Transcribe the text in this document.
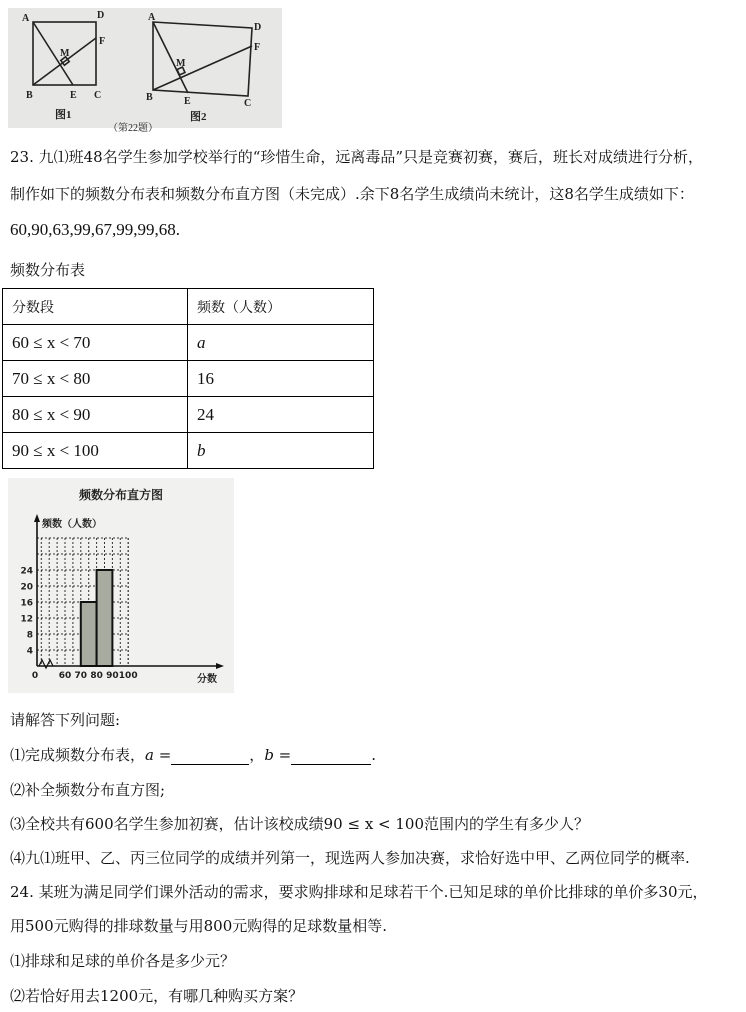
A	D
F
M
B	E C
图1
A
D
F
M
B	E	C
图2
（第22题）
23. 九⑴班48名学生参加学校举行的“珍惜生命，远离毒品”只是竞赛初赛，赛后，班长对成绩进行分析，
制作如下的频数分布表和频数分布直方图（未完成）.余下8名学生成绩尚未统计，这8名学生成绩如下：
60,90,63,99,67,99,99,68.
频数分布表
分数段	频数（人数）
60 ≤ x < 70	a
70 ≤ x < 80	16
80 ≤ x < 90	24
90 ≤ x < 100	b
频数分布直方图
频数（人数）
分数
4
8
12
16
20
24
0 60 70 80 90 100
请解答下列问题:
⑴完成频数分布表，a =	，b =	.
⑵补全频数分布直方图;
⑶全校共有600名学生参加初赛，估计该校成绩90 ≤ x < 100范围内的学生有多少人？
⑷九⑴班甲、乙、丙三位同学的成绩并列第一，现选两人参加决赛，求恰好选中甲、乙两位同学的概率.
24. 某班为满足同学们课外活动的需求，要求购排球和足球若干个.已知足球的单价比排球的单价多30元，
用500元购得的排球数量与用800元购得的足球数量相等.
⑴排球和足球的单价各是多少元？
⑵若恰好用去1200元，有哪几种购买方案？
